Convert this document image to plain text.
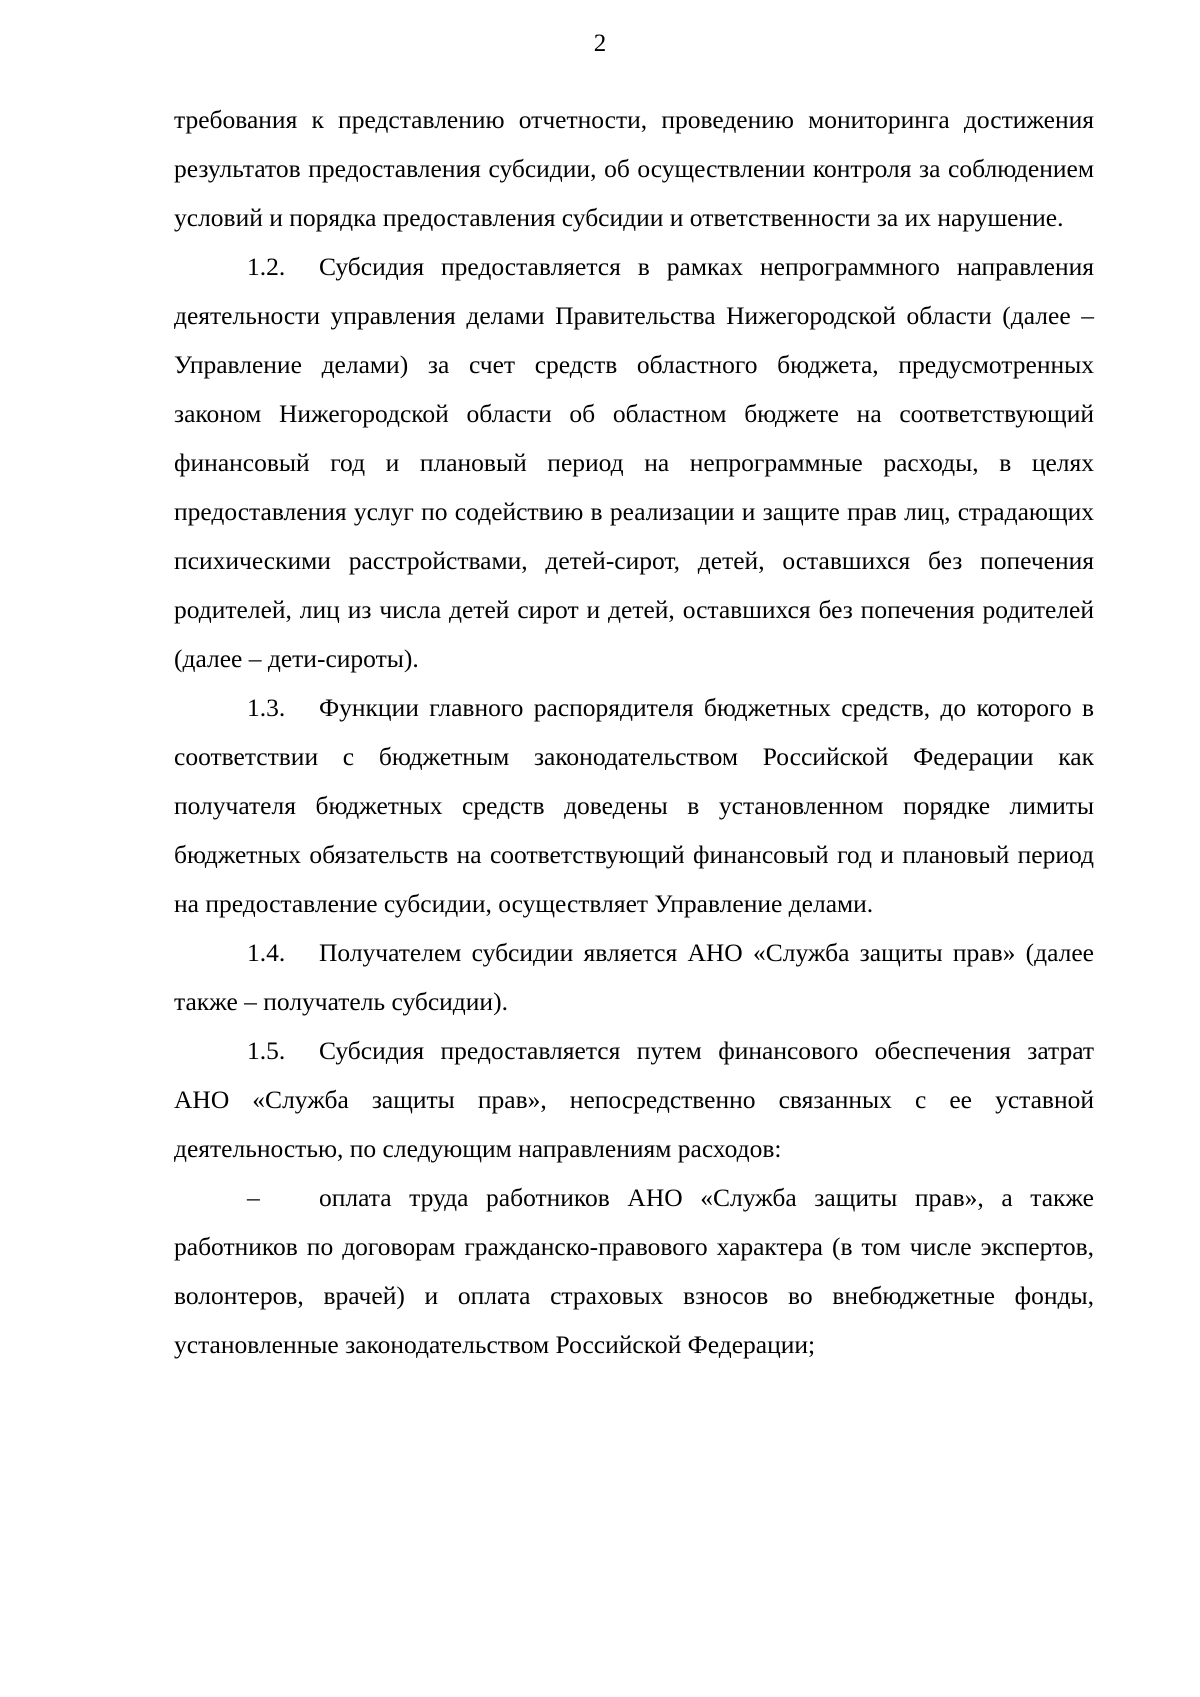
2

требования к представлению отчетности, проведению мониторинга достижения результатов предоставления субсидии, об осуществлении контроля за соблюдением условий и порядка предоставления субсидии и ответственности за их нарушение.

1.2. Субсидия предоставляется в рамках непрограммного направления деятельности управления делами Правительства Нижегородской области (далее – Управление делами) за счет средств областного бюджета, предусмотренных законом Нижегородской области об областном бюджете на соответствующий финансовый год и плановый период на непрограммные расходы, в целях предоставления услуг по содействию в реализации и защите прав лиц, страдающих психическими расстройствами, детей-сирот, детей, оставшихся без попечения родителей, лиц из числа детей сирот и детей, оставшихся без попечения родителей (далее – дети-сироты).

1.3. Функции главного распорядителя бюджетных средств, до которого в соответствии с бюджетным законодательством Российской Федерации как получателя бюджетных средств доведены в установленном порядке лимиты бюджетных обязательств на соответствующий финансовый год и плановый период на предоставление субсидии, осуществляет Управление делами.

1.4. Получателем субсидии является АНО «Служба защиты прав» (далее также – получатель субсидии).

1.5. Субсидия предоставляется путем финансового обеспечения затрат АНО «Служба защиты прав», непосредственно связанных с ее уставной деятельностью, по следующим направлениям расходов:

– оплата труда работников АНО «Служба защиты прав», а также работников по договорам гражданско-правового характера (в том числе экспертов, волонтеров, врачей) и оплата страховых взносов во внебюджетные фонды, установленные законодательством Российской Федерации;
